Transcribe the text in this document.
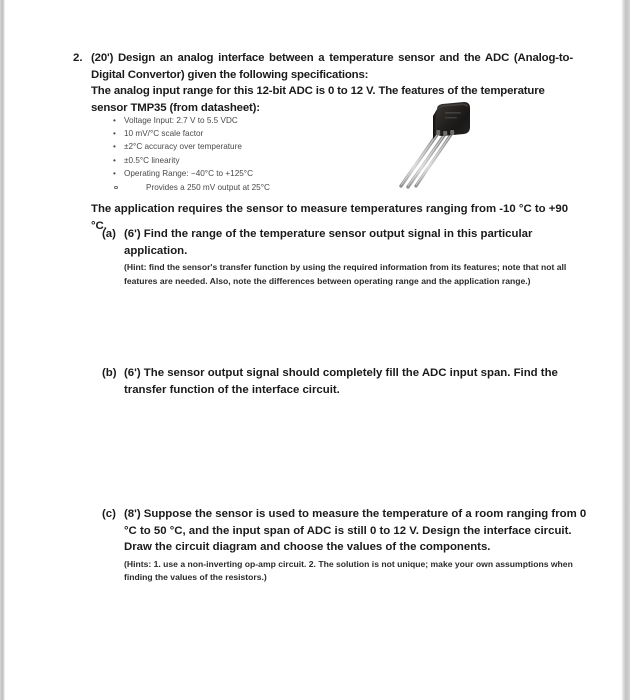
2. (20') Design an analog interface between a temperature sensor and the ADC (Analog-to-Digital Convertor) given the following specifications:
The analog input range for this 12-bit ADC is 0 to 12 V. The features of the temperature sensor TMP35 (from datasheet):
• Voltage Input: 2.7 V to 5.5 VDC
• 10 mV/°C scale factor
• ±2°C accuracy over temperature
• ±0.5°C linearity
• Operating Range: −40°C to +125°C
Provides a 250 mV output at 25°C
The application requires the sensor to measure temperatures ranging from -10 °C to +90 °C.
(a) (6') Find the range of the temperature sensor output signal in this particular application.
(Hint: find the sensor's transfer function by using the required information from its features; note that not all features are needed. Also, note the differences between operating range and the application range.)
(b) (6') The sensor output signal should completely fill the ADC input span. Find the transfer function of the interface circuit.
(c) (8') Suppose the sensor is used to measure the temperature of a room ranging from 0 °C to 50 °C, and the input span of ADC is still 0 to 12 V. Design the interface circuit. Draw the circuit diagram and choose the values of the components.
(Hints: 1. use a non-inverting op-amp circuit. 2. The solution is not unique; make your own assumptions when finding the values of the resistors.)
